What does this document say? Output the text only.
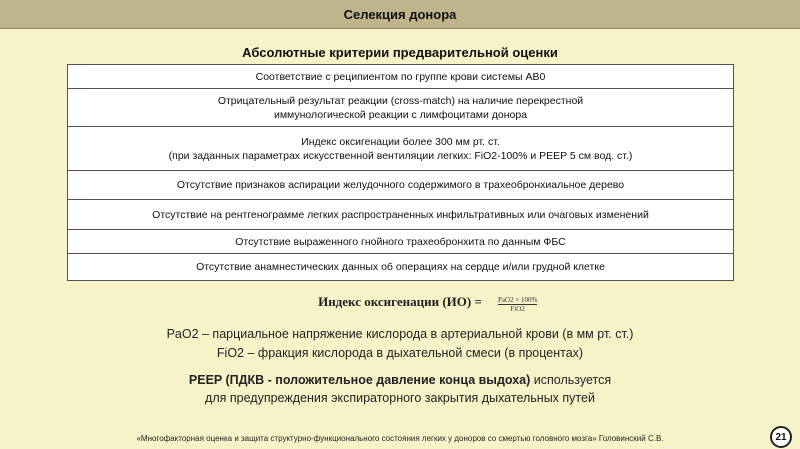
Селекция донора
Абсолютные критерии предварительной оценки
Соответствие с реципиентом по группе крови системы АВ0
Отрицательный результат реакции (cross-match) на наличие перекрестной
иммунологической реакции с лимфоцитами донора
Индекс оксигенации более 300 мм рт. ст.
(при заданных параметрах искусственной вентиляции легких: FiO2-100% и PEEP 5 см вод. ст.)
Отсутствие признаков аспирации желудочного содержимого в трахеобронхиальное дерево
Отсутствие на рентгенограмме легких распространенных инфильтративных или очаговых изменений
Отсутствие выраженного гнойного трахеобронхита по данным ФБС
Отсутствие анамнестических данных об операциях на сердце и/или грудной клетке
Индекс оксигенации (ИО) =	PaO2 × 100%
FiO2
PaO2 – парциальное напряжение кислорода в артериальной крови (в мм рт. ст.)
FiO2 – фракция кислорода в дыхательной смеси (в процентах)
PEEP (ПДКВ - положительное давление конца выдоха) используется
для предупреждения экспираторного закрытия дыхательных путей
«Многофакторная оценка и защита структурно-функционального состояния легких у доноров со смертью головного мозга» Головинский С.В.	21
